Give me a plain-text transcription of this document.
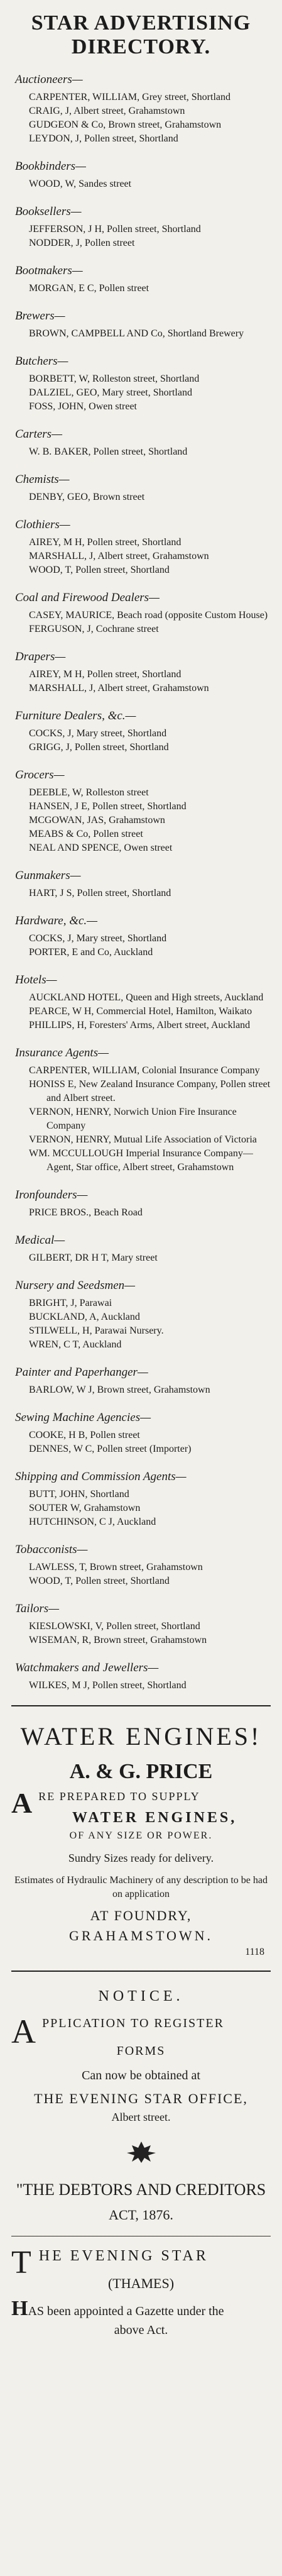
STAR ADVERTISING DIRECTORY.
Auctioneers—
CARPENTER, WILLIAM, Grey street, Shortland
CRAIG, J, Albert street, Grahamstown
GUDGEON & Co, Brown street, Grahamstown
LEYDON, J, Pollen street, Shortland
Bookbinders—
WOOD, W, Sandes street
Booksellers—
JEFFERSON, J H, Pollen street, Shortland
NODDER, J, Pollen street
Bootmakers—
MORGAN, E C, Pollen street
Brewers—
BROWN, CAMPBELL AND Co, Shortland Brewery
Butchers—
BORBETT, W, Rolleston street, Shortland
DALZIEL, GEO, Mary street, Shortland
FOSS, JOHN, Owen street
Carters—
W. B. BAKER, Pollen street, Shortland
Chemists—
DENBY, GEO, Brown street
Clothiers—
AIREY, M H, Pollen street, Shortland
MARSHALL, J, Albert street, Grahamstown
WOOD, T, Pollen street, Shortland
Coal and Firewood Dealers—
CASEY, MAURICE, Beach road (opposite Custom House)
FERGUSON, J, Cochrane street
Drapers—
AIREY, M H, Pollen street, Shortland
MARSHALL, J, Albert street, Grahamstown
Furniture Dealers, &c.—
COCKS, J, Mary street, Shortland
GRIGG, J, Pollen street, Shortland
Grocers—
DEEBLE, W, Rolleston street
HANSEN, J E, Pollen street, Shortland
MCGOWAN, JAS, Grahamstown
MEABS & Co, Pollen street
NEAL AND SPENCE, Owen street
Gunmakers—
HART, J S, Pollen street, Shortland
Hardware, &c.—
COCKS, J, Mary street, Shortland
PORTER, E and Co, Auckland
Hotels—
AUCKLAND HOTEL, Queen and High streets, Auckland
PEARCE, W H, Commercial Hotel, Hamilton, Waikato
PHILLIPS, H, Foresters' Arms, Albert street, Auckland
Insurance Agents—
CARPENTER, WILLIAM, Colonial Insurance Company
HONISS E, New Zealand Insurance Company, Pollen street and Albert street.
VERNON, HENRY, Norwich Union Fire Insurance Company
VERNON, HENRY, Mutual Life Association of Victoria
WM. MCCULLOUGH Imperial Insurance Company—Agent, Star office, Albert street, Grahamstown
Ironfounders—
PRICE BROS., Beach Road
Medical—
GILBERT, DR H T, Mary street
Nursery and Seedsmen—
BRIGHT, J, Parawai
BUCKLAND, A, Auckland
STILWELL, H, Parawai Nursery.
WREN, C T, Auckland
Painter and Paperhanger—
BARLOW, W J, Brown street, Grahamstown
Sewing Machine Agencies—
COOKE, H B, Pollen street
DENNES, W C, Pollen street (Importer)
Shipping and Commission Agents—
BUTT, JOHN, Shortland
SOUTER W, Grahamstown
HUTCHINSON, C J, Auckland
Tobacconists—
LAWLESS, T, Brown street, Grahamstown
WOOD, T, Pollen street, Shortland
Tailors—
KIESLOWSKI, V, Pollen street, Shortland
WISEMAN, R, Brown street, Grahamstown
Watchmakers and Jewellers—
WILKES, M J, Pollen street, Shortland
WATER ENGINES!
A. & G. PRICE
A RE PREPARED TO SUPPLY
WATER ENGINES,
OF ANY SIZE OR POWER.
Sundry Sizes ready for delivery.
Estimates of Hydraulic Machinery of any description to be had on application
AT FOUNDRY,
GRAHAMSTOWN.
1118
NOTICE.
A PPLICATION TO REGISTER
FORMS
Can now be obtained at
THE EVENING STAR OFFICE,
Albert street.
"THE DEBTORS AND CREDITORS
ACT, 1876.
T HE EVENING STAR
(THAMES)
HAS been appointed a Gazette under the
above Act.
